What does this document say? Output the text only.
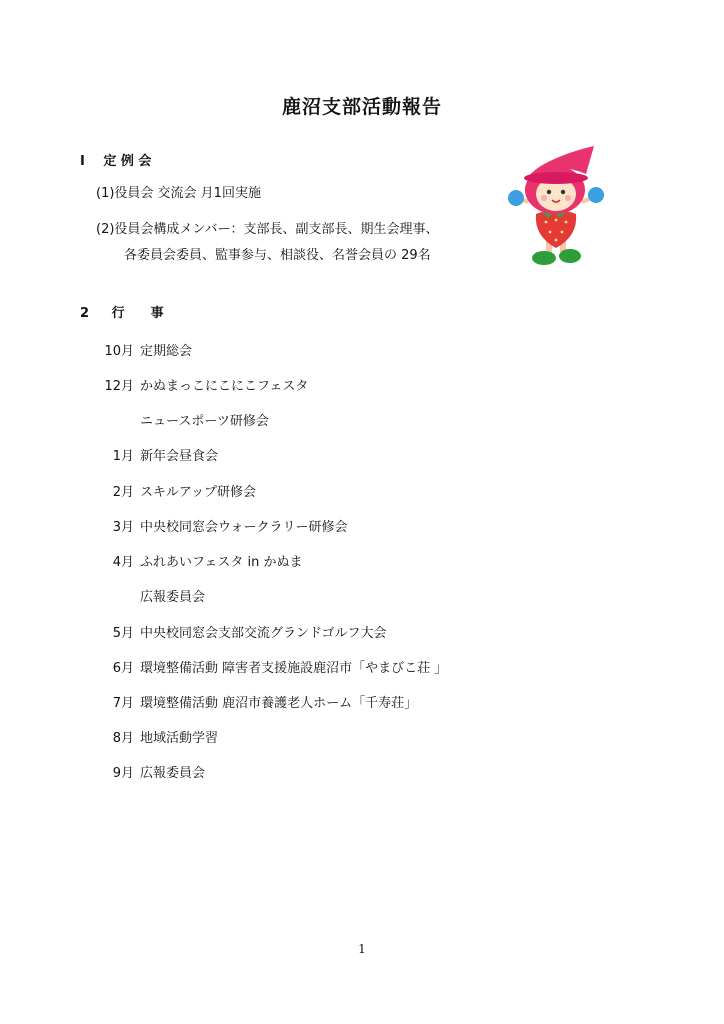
鹿沼支部活動報告
Ⅰ 定 例 会
(1)役員会 交流会 月1回実施
(2)役員会構成メンバー：支部長、副支部長、期生会理事、
各委員会委員、監事参与、相談役、名誉会員の 29名
2 行　　事
10月 定期総会
12月 かぬまっこにこにこフェスタ
ニュースポーツ研修会
1月 新年会昼食会
2月 スキルアップ研修会
3月 中央校同窓会ウォークラリー研修会
4月 ふれあいフェスタ in かぬま
広報委員会
5月 中央校同窓会支部交流グランドゴルフ大会
6月 環境整備活動 障害者支援施設鹿沼市「やまびこ荘 」
7月 環境整備活動 鹿沼市養護老人ホーム「千寿荘」
8月 地域活動学習
9月 広報委員会
1
